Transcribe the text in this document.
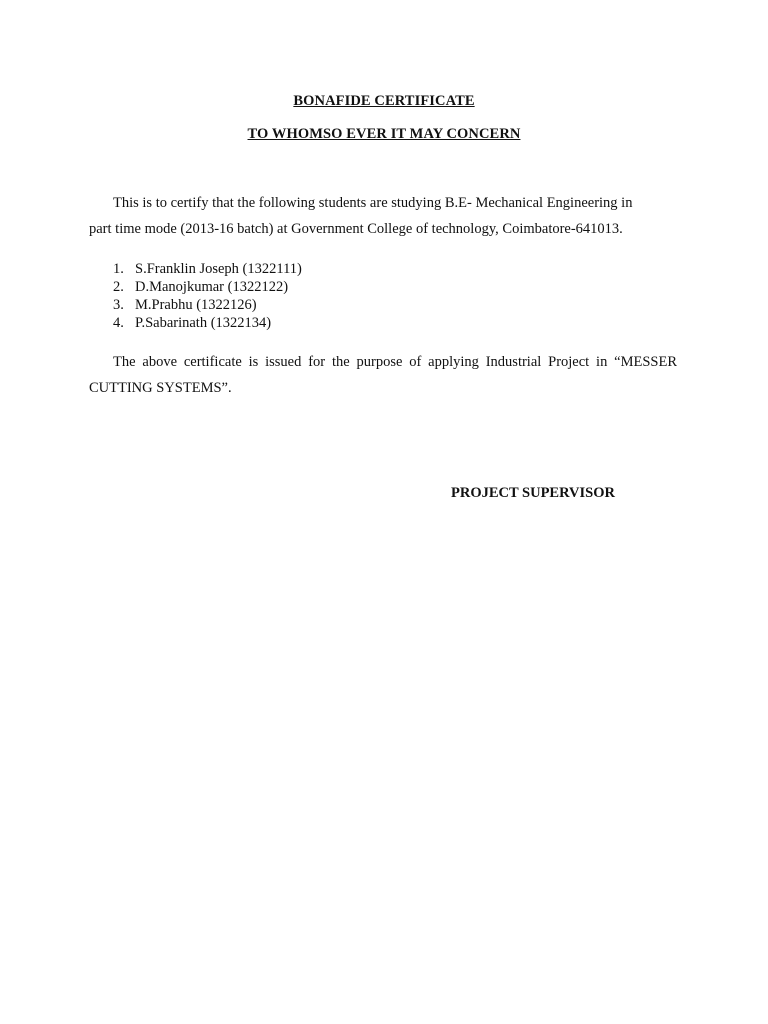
BONAFIDE CERTIFICATE
TO WHOMSO EVER IT MAY CONCERN

This is to certify that the following students are studying B.E- Mechanical Engineering in
part time mode (2013-16 batch) at Government College of technology, Coimbatore-641013.

1. S.Franklin Joseph (1322111)
2. D.Manojkumar (1322122)
3. M.Prabhu (1322126)
4. P.Sabarinath (1322134)

The above certificate is issued for the purpose of applying Industrial Project in “MESSER CUTTING SYSTEMS”.

PROJECT SUPERVISOR
